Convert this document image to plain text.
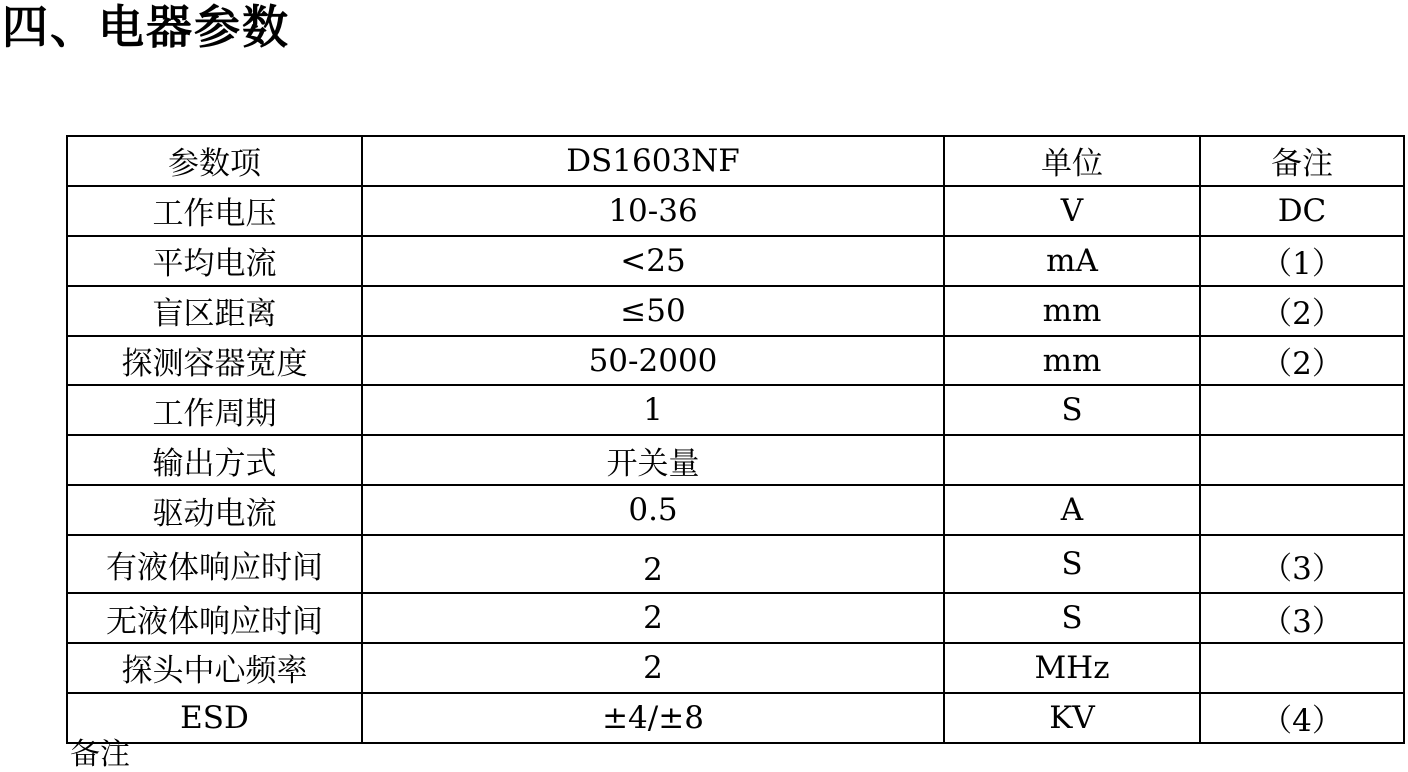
四、电器参数
参数项	DS1603NF	单位	备注
工作电压	10-36	V	DC
平均电流	<25	mA	（1）
盲区距离	≤50	mm	（2）
探测容器宽度	50-2000	mm	（2）
工作周期	1	S	
输出方式	开关量		
驱动电流	0.5	A	
有液体响应时间	2	S	（3）
无液体响应时间	2	S	（3）
探头中心频率	2	MHz	
ESD	±4/±8	KV	（4）
备注
